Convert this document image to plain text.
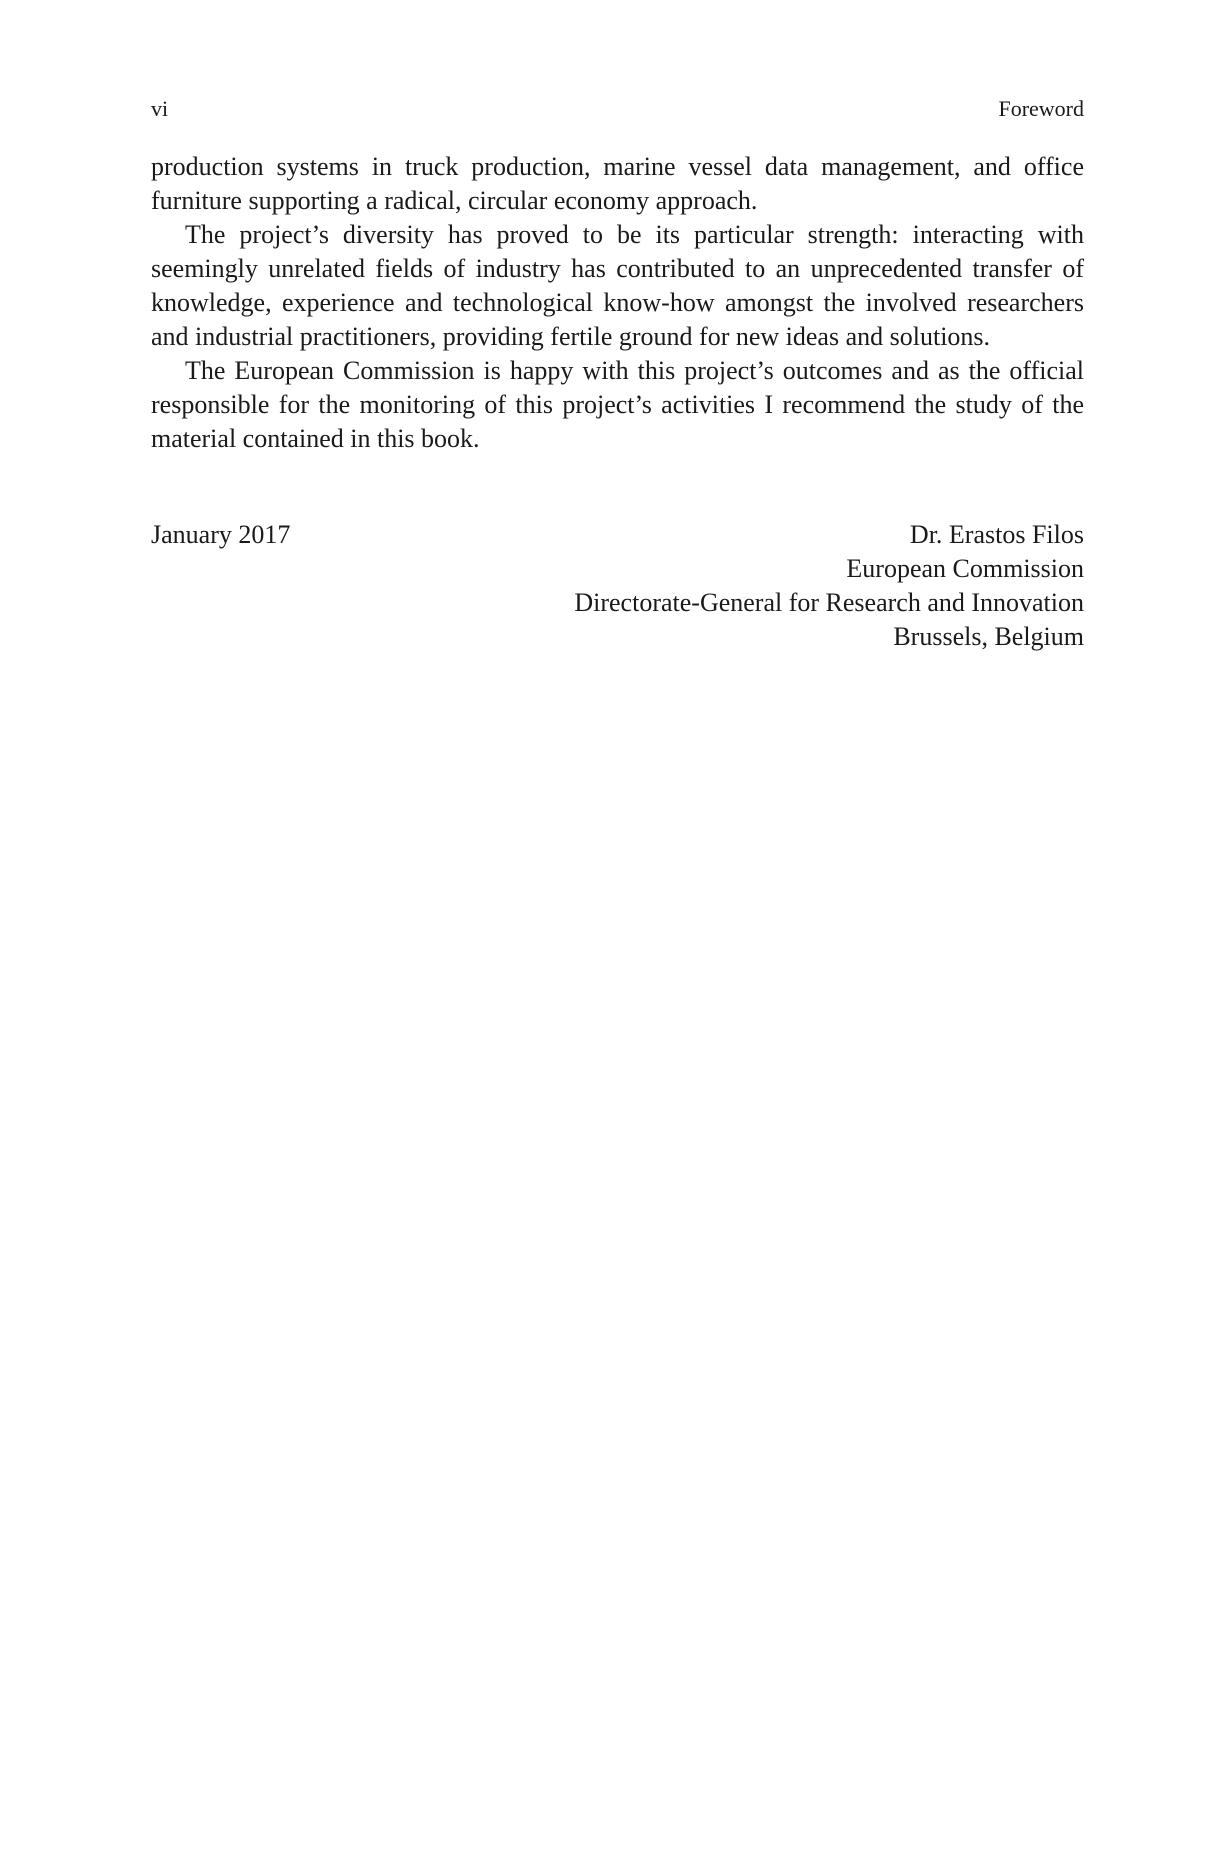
vi	Foreword

production systems in truck production, marine vessel data management, and office furniture supporting a radical, circular economy approach.

The project’s diversity has proved to be its particular strength: interacting with seemingly unrelated fields of industry has contributed to an unprecedented transfer of knowledge, experience and technological know-how amongst the involved researchers and industrial practitioners, providing fertile ground for new ideas and solutions.

The European Commission is happy with this project’s outcomes and as the official responsible for the monitoring of this project’s activities I recommend the study of the material contained in this book.

January 2017	Dr. Erastos Filos
European Commission
Directorate-General for Research and Innovation
Brussels, Belgium
